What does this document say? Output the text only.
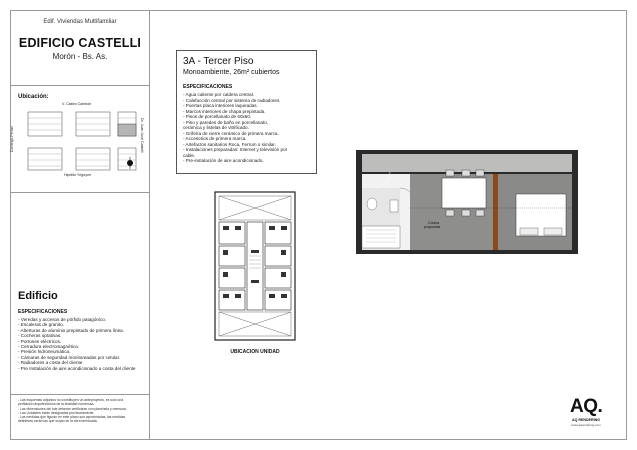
Edif. Viviendas Multifamiliar
EDIFICIO CASTELLI
Morón - Bs. As.
Ubicación:
V. Castro Cambón
Domingo Ferrari	Dr. Juan José Castelli
Hipólito Yrigoyen
Edificio
ESPECIFICACIONES
- Veredas y accesos de pórfido patagónico.
- Escaleras de granito.
- Aberturas de aluminio prepintado de primera línea.
- Cocheras optativas.
- Portones eléctricos.
- Cerradura electromagnética.
- Presión hidroneumática.
- Cámaras de seguridad monitoreadas por celular.
- Radiadores a costa del cliente
- Pre Instalación de aire acondicionado a costa del cliente
- Las esquemas adjuntos no constituyen un anteproyecto, es solo una
perfilación arquitectónica de la finalidad numerosa.
- Las dimensiones del lote deberán verificarse con planchela y mensura.
- Las Unidades están designadas provisoriamente.
- Las medidas que figuran en este plano son aproximadas, las medidas
definitivas serán las que surjan de la obra terminada.
3A - Tercer Piso
Monoambiente, 26m² cubiertos
ESPECIFICACIONES
- Agua caliente por caldera central.
- Calefacción central por sistema de radiadores.
- Puertas placa interiores laqueadas.
- Marcos interiores de chapa prepintada.
- Pisos de porcellanato de 60x60.
- Piso y paredes de baño en porcellanato,
cerámica y listelas de vitrificado.
- Grifería de cierre cerámico de primera marca.
- Accesorios de primera marca.
- Artefactos sanitarios Roca, Ferrum o similar.
- Instalaciones preparadas: Internet y televisión por
cable.
- Pre-instalación de aire acondicionado.
UBICACION UNIDAD
Cocina
propuesta
AQ.
AQ RENDERING
www.aqrendering.com
